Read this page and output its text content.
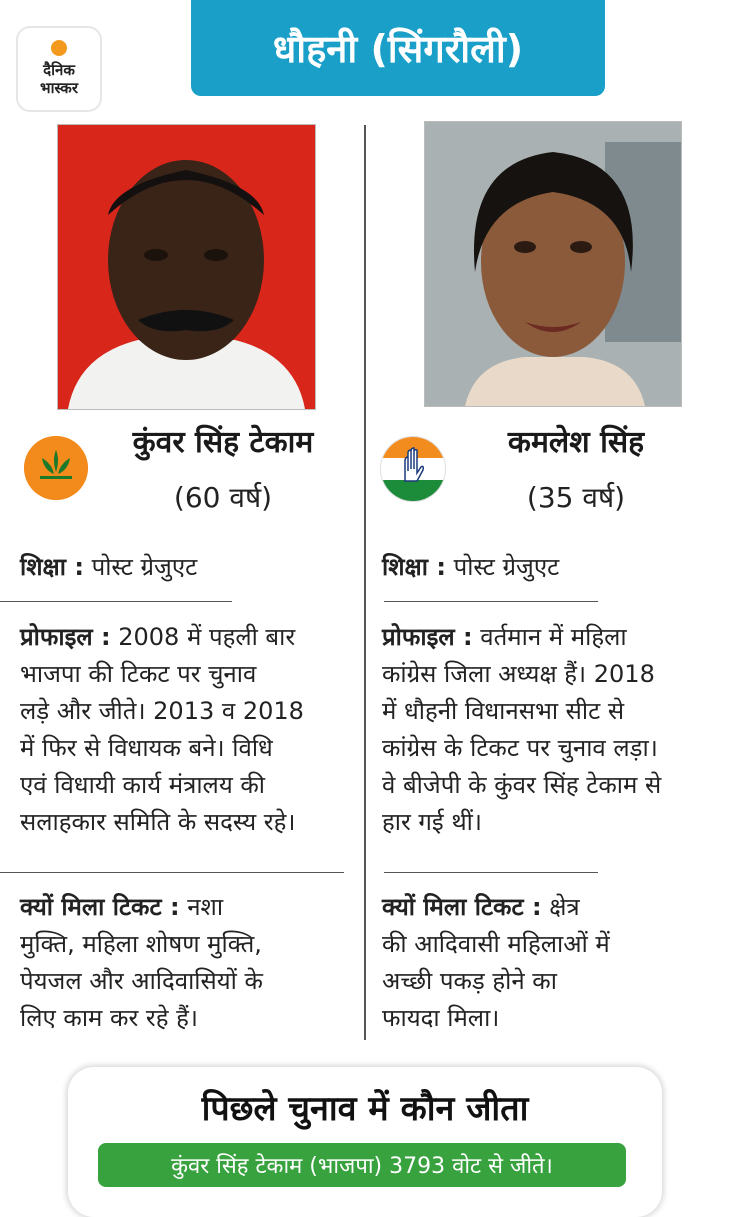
दैनिक
भास्कर
धौहनी (सिंगरौली)
कुंवर सिंह टेकाम
(60 वर्ष)
कमलेश सिंह
(35 वर्ष)
शिक्षा : पोस्ट ग्रेजुएट	शिक्षा : पोस्ट ग्रेजुएट
प्रोफाइल : 2008 में पहली बार
भाजपा की टिकट पर चुनाव
लड़े और जीते। 2013 व 2018
में फिर से विधायक बने। विधि
एवं विधायी कार्य मंत्रालय की
सलाहकार समिति के सदस्य रहे।
प्रोफाइल : वर्तमान में महिला
कांग्रेस जिला अध्यक्ष हैं। 2018
में धौहनी विधानसभा सीट से
कांग्रेस के टिकट पर चुनाव लड़ा।
वे बीजेपी के कुंवर सिंह टेकाम से
हार गई थीं।
क्यों मिला टिकट : नशा
मुक्ति, महिला शोषण मुक्ति,
पेयजल और आदिवासियों के
लिए काम कर रहे हैं।
क्यों मिला टिकट : क्षेत्र
की आदिवासी महिलाओं में
अच्छी पकड़ होने का
फायदा मिला।
पिछले चुनाव में कौन जीता
कुंवर सिंह टेकाम (भाजपा) 3793 वोट से जीते।
